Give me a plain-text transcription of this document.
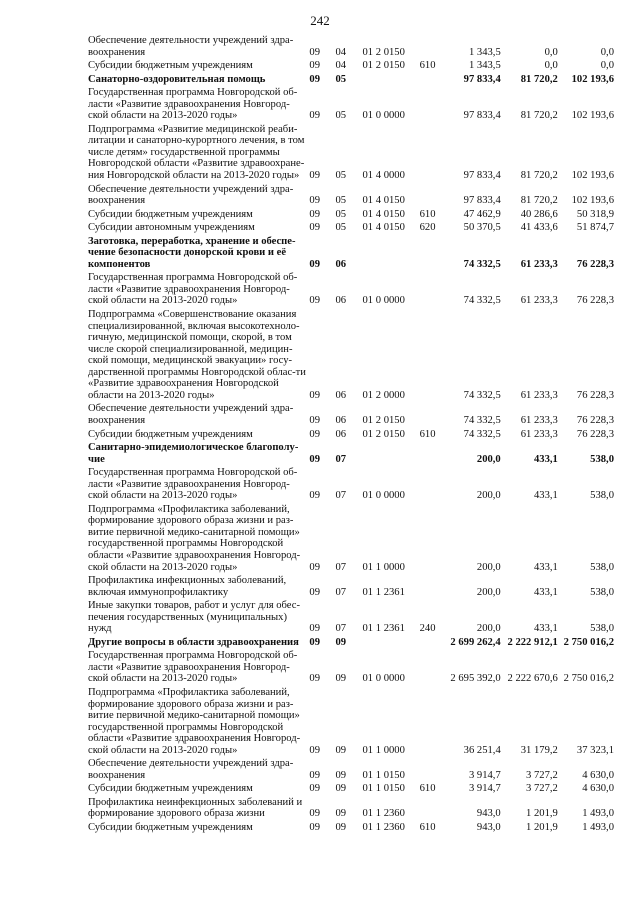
242
Обеспечение деятельности учреждений здра-воохранения	09	04	01 2 0150		1 343,5	0,0	0,0
Субсидии бюджетным учреждениям	09	04	01 2 0150	610	1 343,5	0,0	0,0
Санаторно-оздоровительная помощь	09	05			97 833,4	81 720,2	102 193,6
Государственная программа Новгородской об-ласти «Развитие здравоохранения Новгород-ской области на 2013-2020 годы»	09	05	01 0 0000		97 833,4	81 720,2	102 193,6
Подпрограмма «Развитие медицинской реаби-литации и санаторно-курортного лечения, в том числе детям» государственной программы Новгородской области «Развитие здравоохране-ния Новгородской области на 2013-2020 годы»	09	05	01 4 0000		97 833,4	81 720,2	102 193,6
Обеспечение деятельности учреждений здра-воохранения	09	05	01 4 0150		97 833,4	81 720,2	102 193,6
Субсидии бюджетным учреждениям	09	05	01 4 0150	610	47 462,9	40 286,6	50 318,9
Субсидии автономным учреждениям	09	05	01 4 0150	620	50 370,5	41 433,6	51 874,7
Заготовка, переработка, хранение и обеспе-чение безопасности донорской крови и её компонентов	09	06			74 332,5	61 233,3	76 228,3
Государственная программа Новгородской об-ласти «Развитие здравоохранения Новгород-ской области на 2013-2020 годы»	09	06	01 0 0000		74 332,5	61 233,3	76 228,3
Подпрограмма «Совершенствование оказания специализированной, включая высокотехноло-гичную, медицинской помощи, скорой, в том числе скорой специализированной, медицин-ской помощи, медицинской эвакуации» госу-дарственной программы Новгородской облас-ти «Развитие здравоохранения Новгородской области на 2013-2020 годы»	09	06	01 2 0000		74 332,5	61 233,3	76 228,3
Обеспечение деятельности учреждений здра-воохранения	09	06	01 2 0150		74 332,5	61 233,3	76 228,3
Субсидии бюджетным учреждениям	09	06	01 2 0150	610	74 332,5	61 233,3	76 228,3
Санитарно-эпидемиологическое благополу-чие	09	07			200,0	433,1	538,0
Государственная программа Новгородской об-ласти «Развитие здравоохранения Новгород-ской области на 2013-2020 годы»	09	07	01 0 0000		200,0	433,1	538,0
Подпрограмма «Профилактика заболеваний, формирование здорового образа жизни и раз-витие первичной медико-санитарной помощи» государственной программы Новгородской области «Развитие здравоохранения Новгород-ской области на 2013-2020 годы»	09	07	01 1 0000		200,0	433,1	538,0
Профилактика инфекционных заболеваний, включая иммунопрофилактику	09	07	01 1 2361		200,0	433,1	538,0
Иные закупки товаров, работ и услуг для обес-печения государственных (муниципальных) нужд	09	07	01 1 2361	240	200,0	433,1	538,0
Другие вопросы в области здравоохранения	09	09			2 699 262,4	2 222 912,1	2 750 016,2
Государственная программа Новгородской об-ласти «Развитие здравоохранения Новгород-ской области на 2013-2020 годы»	09	09	01 0 0000		2 695 392,0	2 222 670,6	2 750 016,2
Подпрограмма «Профилактика заболеваний, формирование здорового образа жизни и раз-витие первичной медико-санитарной помощи» государственной программы Новгородской области «Развитие здравоохранения Новгород-ской области на 2013-2020 годы»	09	09	01 1 0000		36 251,4	31 179,2	37 323,1
Обеспечение деятельности учреждений здра-воохранения	09	09	01 1 0150		3 914,7	3 727,2	4 630,0
Субсидии бюджетным учреждениям	09	09	01 1 0150	610	3 914,7	3 727,2	4 630,0
Профилактика неинфекционных заболеваний и формирование здорового образа жизни	09	09	01 1 2360		943,0	1 201,9	1 493,0
Субсидии бюджетным учреждениям	09	09	01 1 2360	610	943,0	1 201,9	1 493,0
